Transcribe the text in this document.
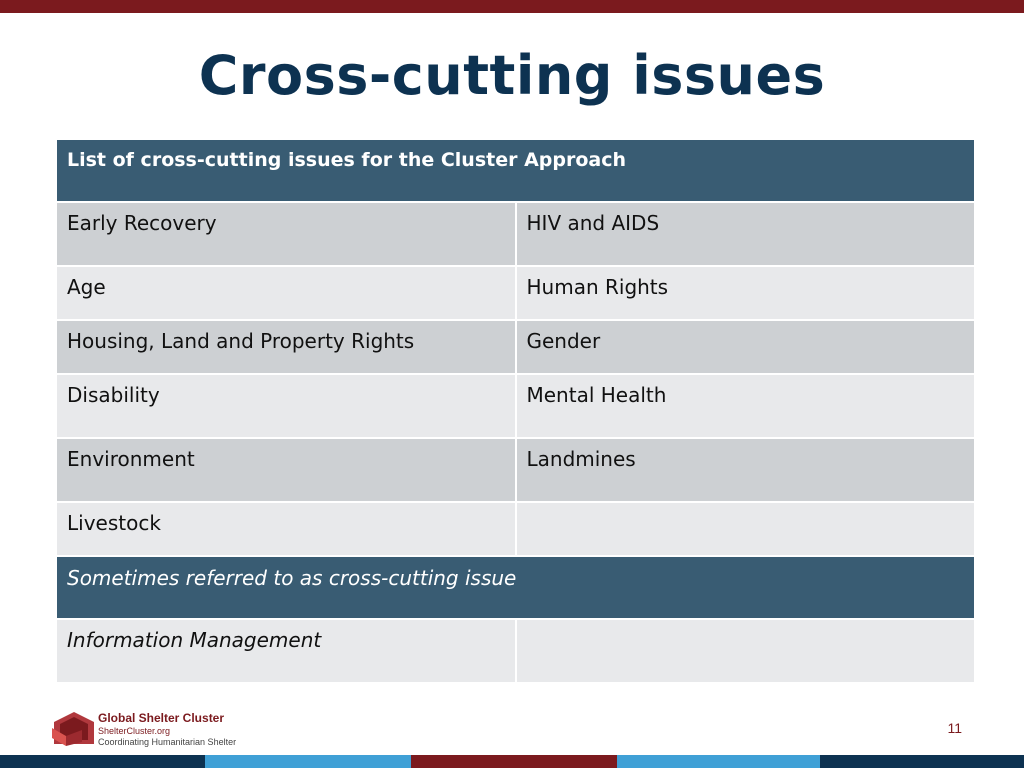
Cross-cutting issues
List of cross-cutting issues for the Cluster Approach	
Early Recovery	HIV and AIDS
Age	Human Rights
Housing, Land and Property Rights	Gender
Disability	Mental Health
Environment	Landmines
Livestock	
Sometimes referred to as cross-cutting issue	
Information Management	
Global Shelter Cluster
ShelterCluster.org
Coordinating Humanitarian Shelter
11
